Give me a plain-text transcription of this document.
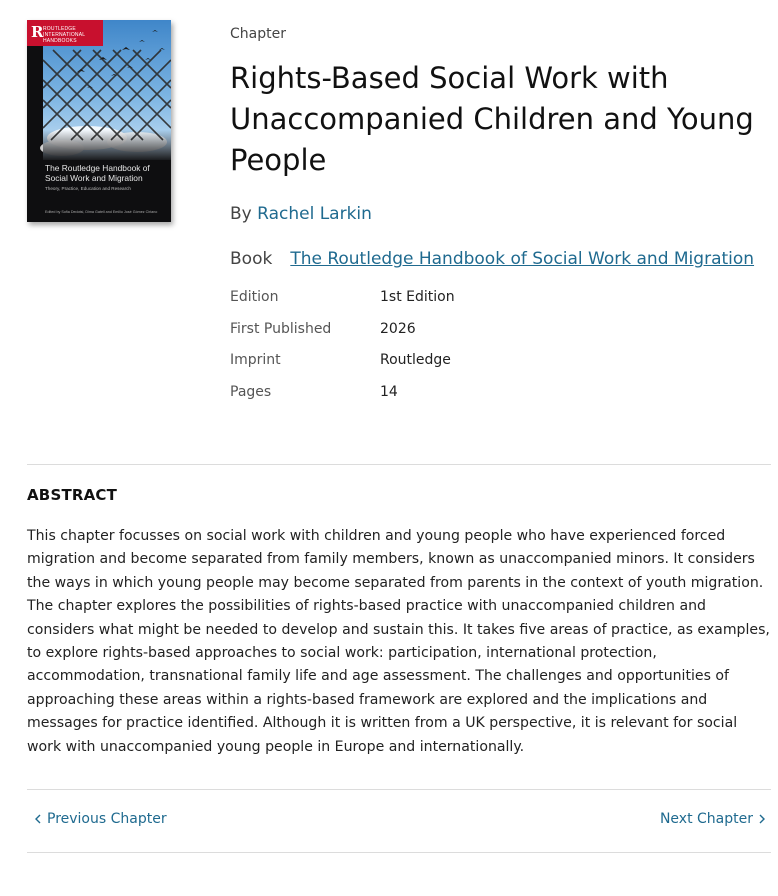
R ROUTLEDGE INTERNATIONAL
HANDBOOKS
The Routledge Handbook of Social Work and Migration
Theory, Practice, Education and Research
Edited by Sofia Dedotsi, Dima Gatell and Emilio José Gómez Ciriano
Chapter
Rights-Based Social Work with Unaccompanied Children and Young People
By Rachel Larkin
Book The Routledge Handbook of Social Work and Migration
Edition	1st Edition
First Published	2026
Imprint	Routledge
Pages	14
ABSTRACT
This chapter focusses on social work with children and young people who have experienced forced migration and become separated from family members, known as unaccompanied minors. It considers the ways in which young people may become separated from parents in the context of youth migration. The chapter explores the possibilities of rights-based practice with unaccompanied children and considers what might be needed to develop and sustain this. It takes five areas of practice, as examples, to explore rights-based approaches to social work: participation, international protection, accommodation, transnational family life and age assessment. The challenges and opportunities of approaching these areas within a rights-based framework are explored and the implications and messages for practice identified. Although it is written from a UK perspective, it is relevant for social work with unaccompanied young people in Europe and internationally.
Previous Chapter	Next Chapter
